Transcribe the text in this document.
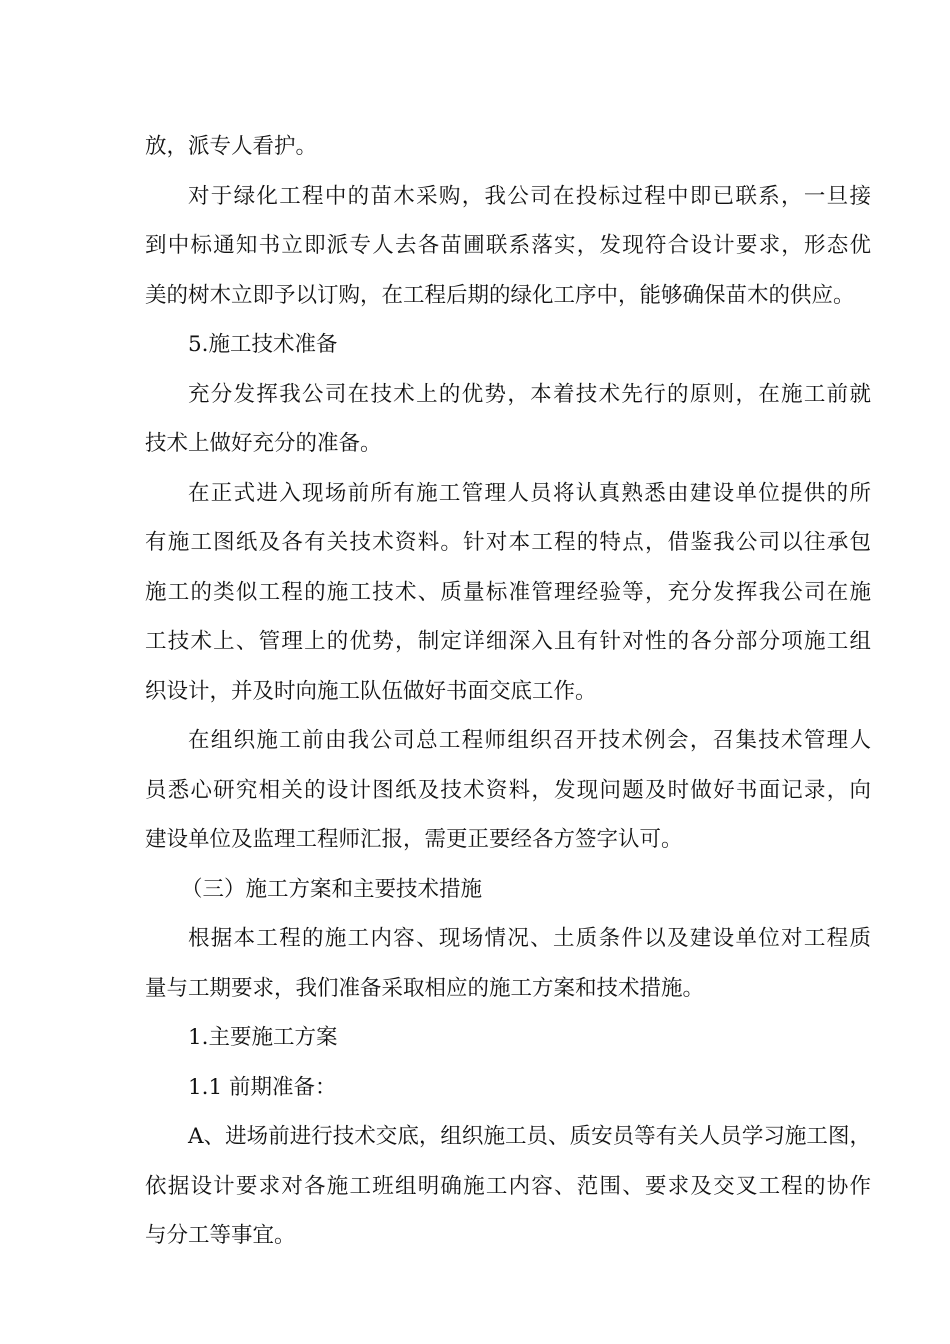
放，派专人看护。

对于绿化工程中的苗木采购，我公司在投标过程中即已联系，一旦接
到中标通知书立即派专人去各苗圃联系落实，发现符合设计要求，形态优
美的树木立即予以订购，在工程后期的绿化工序中，能够确保苗木的供应。

5.施工技术准备

充分发挥我公司在技术上的优势，本着技术先行的原则，在施工前就
技术上做好充分的准备。

在正式进入现场前所有施工管理人员将认真熟悉由建设单位提供的所
有施工图纸及各有关技术资料。针对本工程的特点，借鉴我公司以往承包
施工的类似工程的施工技术、质量标准管理经验等，充分发挥我公司在施
工技术上、管理上的优势，制定详细深入且有针对性的各分部分项施工组
织设计，并及时向施工队伍做好书面交底工作。

在组织施工前由我公司总工程师组织召开技术例会，召集技术管理人
员悉心研究相关的设计图纸及技术资料，发现问题及时做好书面记录，向
建设单位及监理工程师汇报，需更正要经各方签字认可。

（三）施工方案和主要技术措施

根据本工程的施工内容、现场情况、土质条件以及建设单位对工程质
量与工期要求，我们准备采取相应的施工方案和技术措施。

1.主要施工方案

1.1 前期准备：

A、进场前进行技术交底，组织施工员、质安员等有关人员学习施工图，
依据设计要求对各施工班组明确施工内容、范围、要求及交叉工程的协作
与分工等事宜。
